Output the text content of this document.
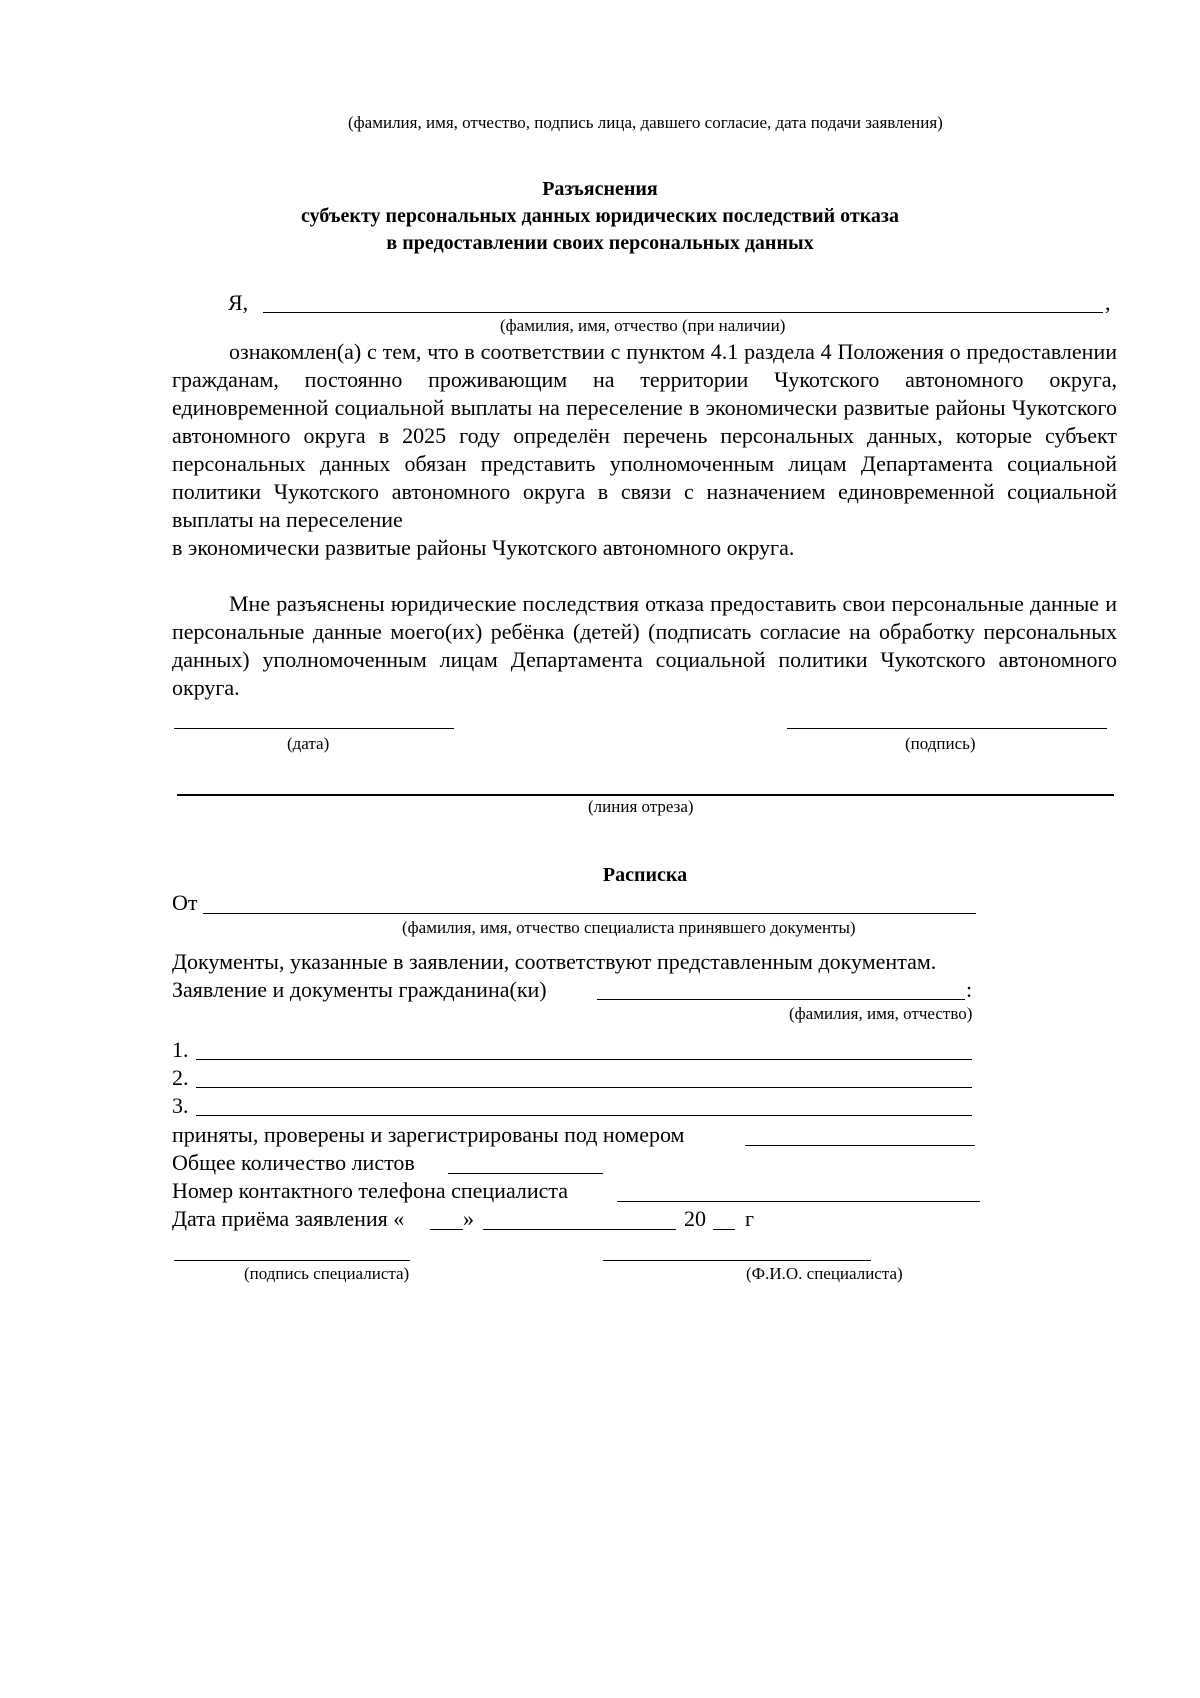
(фамилия, имя, отчество, подпись лица, давшего согласие, дата подачи заявления)
Разъяснения
субъекту персональных данных юридических последствий отказа
в предоставлении своих персональных данных
Я,	,
(фамилия, имя, отчество (при наличии)
ознакомлен(а) с тем, что в соответствии с пунктом 4.1 раздела 4 Положения о предоставлении гражданам, постоянно проживающим на территории Чукотского автономного округа, единовременной социальной выплаты на переселение в экономически развитые районы Чукотского автономного округа в 2025 году определён перечень персональных данных, которые субъект персональных данных обязан представить уполномоченным лицам Департамента социальной политики Чукотского автономного округа в связи с назначением единовременной социальной выплаты на переселение
в экономически развитые районы Чукотского автономного округа.
Мне разъяснены юридические последствия отказа предоставить свои персональные данные и персональные данные моего(их) ребёнка (детей) (подписать согласие на обработку персональных данных) уполномоченным лицам Департамента социальной политики Чукотского автономного округа.
(дата)	(подпись)
(линия отреза)
Расписка
От
(фамилия, имя, отчество специалиста принявшего документы)
Документы, указанные в заявлении, соответствуют представленным документам.
Заявление и документы гражданина(ки)	:
(фамилия, имя, отчество)
1.
2.
3.
приняты, проверены и зарегистрированы под номером
Общее количество листов
Номер контактного телефона специалиста
Дата приёма заявления «	»	20 г
(подпись специалиста)	(Ф.И.О. специалиста)
